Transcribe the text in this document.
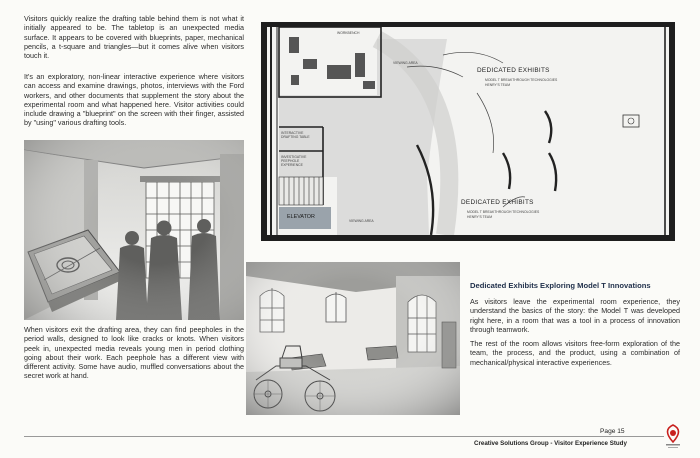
Visitors quickly realize the drafting table behind them is not what it initially appeared to be. The tabletop is an unexpected media surface. It appears to be covered with blueprints, paper, mechanical pencils, a t-square and triangles—but it comes alive when visitors touch it.

It's an exploratory, non-linear interactive experience where visitors can access and examine drawings, photos, interviews with the Ford workers, and other documents that supplement the story about the experimental room and what happened here. Visitor activities could include drawing a "blueprint" on the screen with their finger, assisted by "using" various drafting tools.

When visitors exit the drafting area, they can find peepholes in the period walls, designed to look like cracks or knots. When visitors peek in, unexpected media reveals young men in period clothing going about their work. Each peephole has a different view with different activity. Some have audio, muffled conversations about the secret work at hand.

DEDICATED EXHIBITS
MODEL T BREAKTHROUGH TECHNOLOGIES
HENRY'S TEAM
DEDICATED EXHIBITS
MODEL T BREAKTHROUGH TECHNOLOGIES
HENRY'S TEAM
VIEWING AREA
VIEWING AREA
WORKBENCH
INTERACTIVE DRAFTING TABLE
INVESTIGATIVE PEEPHOLE EXPERIENCE
ELEVATOR
Dedicated Exhibits Exploring Model T Innovations

As visitors leave the experimental room experience, they understand the basics of the story: the Model T was developed right here, in a room that was a tool in a process of innovation through teamwork.

The rest of the room allows visitors free-form exploration of the team, the process, and the product, using a combination of mechanical/physical interactive experiences.

Page 15
Creative Solutions Group - Visitor Experience Study
